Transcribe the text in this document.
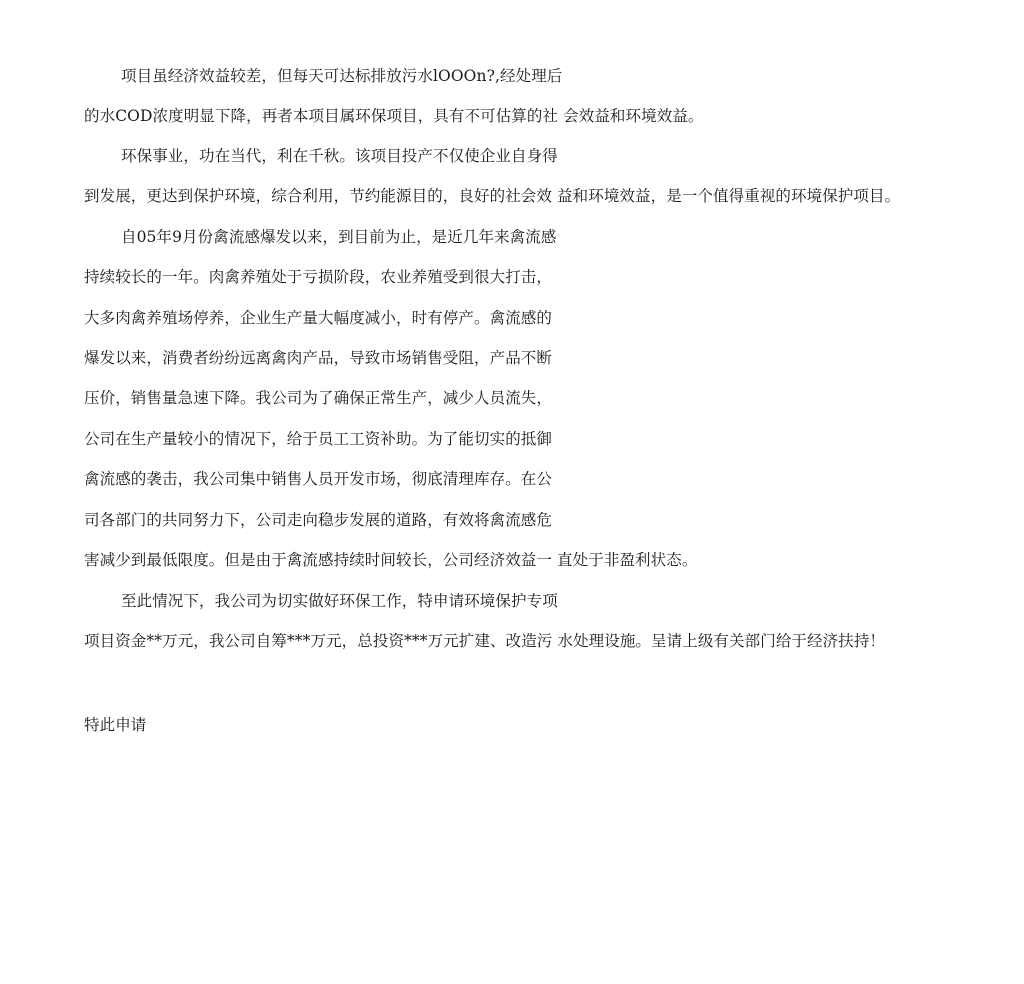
项目虽经济效益较差，但每天可达标排放污水lOOOn?,经处理后
的水COD浓度明显下降，再者本项目属环保项目，具有不可估算的社 会效益和环境效益。
环保事业，功在当代，利在千秋。该项目投产不仅使企业自身得
到发展，更达到保护环境，综合利用，节约能源目的，良好的社会效 益和环境效益，是一个值得重视的环境保护项目。
自05年9月份禽流感爆发以来，到目前为止，是近几年来禽流感
持续较长的一年。肉禽养殖处于亏损阶段，农业养殖受到很大打击，
大多肉禽养殖场停养，企业生产量大幅度减小，时有停产。禽流感的
爆发以来，消费者纷纷远离禽肉产品，导致市场销售受阻，产品不断
压价，销售量急速下降。我公司为了确保正常生产，减少人员流失，
公司在生产量较小的情况下，给于员工工资补助。为了能切实的抵御
禽流感的袭击，我公司集中销售人员开发市场，彻底清理库存。在公
司各部门的共同努力下，公司走向稳步发展的道路，有效将禽流感危
害减少到最低限度。但是由于禽流感持续时间较长，公司经济效益一 直处于非盈利状态。
至此情况下，我公司为切实做好环保工作，特申请环境保护专项
项目资金**万元，我公司自筹***万元，总投资***万元扩建、改造污 水处理设施。呈请上级有关部门给于经济扶持！
特此申请
